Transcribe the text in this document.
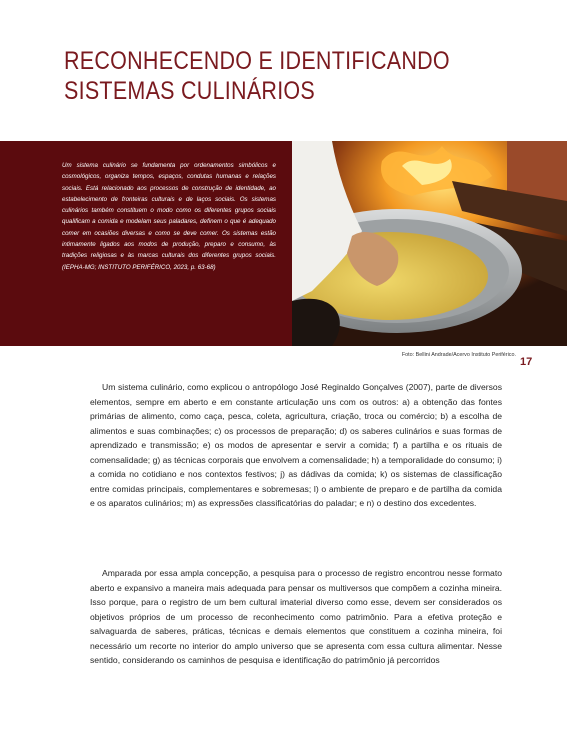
RECONHECENDO E IDENTIFICANDO
SISTEMAS CULINÁRIOS

Um sistema culinário se fundamenta por ordenamentos simbólicos e cosmológicos, organiza tempos, espaços, condutas humanas e relações sociais. Está relacionado aos processos de construção de identidade, ao estabelecimento de fronteiras culturais e de laços sociais. Os sistemas culinários também constituem o modo como os diferentes grupos sociais qualificam a comida e modelam seus paladares, definem o que é adequado comer em ocasiões diversas e como se deve comer. Os sistemas estão intimamente ligados aos modos de produção, preparo e consumo, às tradições religiosas e às marcas culturais dos diferentes grupos sociais. (IEPHA-MG; INSTITUTO PERIFÉRICO, 2023, p. 63-68)

Foto: Bellini Andrade/Acervo Instituto Periférico.

17

Um sistema culinário, como explicou o antropólogo José Reginaldo Gonçalves (2007), parte de diversos elementos, sempre em aberto e em constante articulação uns com os outros: a) a obtenção das fontes primárias de alimento, como caça, pesca, coleta, agricultura, criação, troca ou comércio; b) a escolha de alimentos e suas combinações; c) os processos de preparação; d) os saberes culinários e suas formas de aprendizado e transmissão; e) os modos de apresentar e servir a comida; f) a partilha e os rituais de comensalidade; g) as técnicas corporais que envolvem a comensalidade; h) a temporalidade do consumo; i) a comida no cotidiano e nos contextos festivos; j) as dádivas da comida; k) os sistemas de classificação entre comidas principais, complementares e sobremesas; l) o ambiente de preparo e de partilha da comida e os aparatos culinários; m) as expressões classificatórias do paladar; e n) o destino dos excedentes.

Amparada por essa ampla concepção, a pesquisa para o processo de registro encontrou nesse formato aberto e expansivo a maneira mais adequada para pensar os multiversos que compõem a cozinha mineira. Isso porque, para o registro de um bem cultural imaterial diverso como esse, devem ser considerados os objetivos próprios de um processo de reconhecimento como patrimônio. Para a efetiva proteção e salvaguarda de saberes, práticas, técnicas e demais elementos que constituem a cozinha mineira, foi necessário um recorte no interior do amplo universo que se apresenta com essa cultura alimentar. Nesse sentido, considerando os caminhos de pesquisa e identificação do patrimônio já percorridos
